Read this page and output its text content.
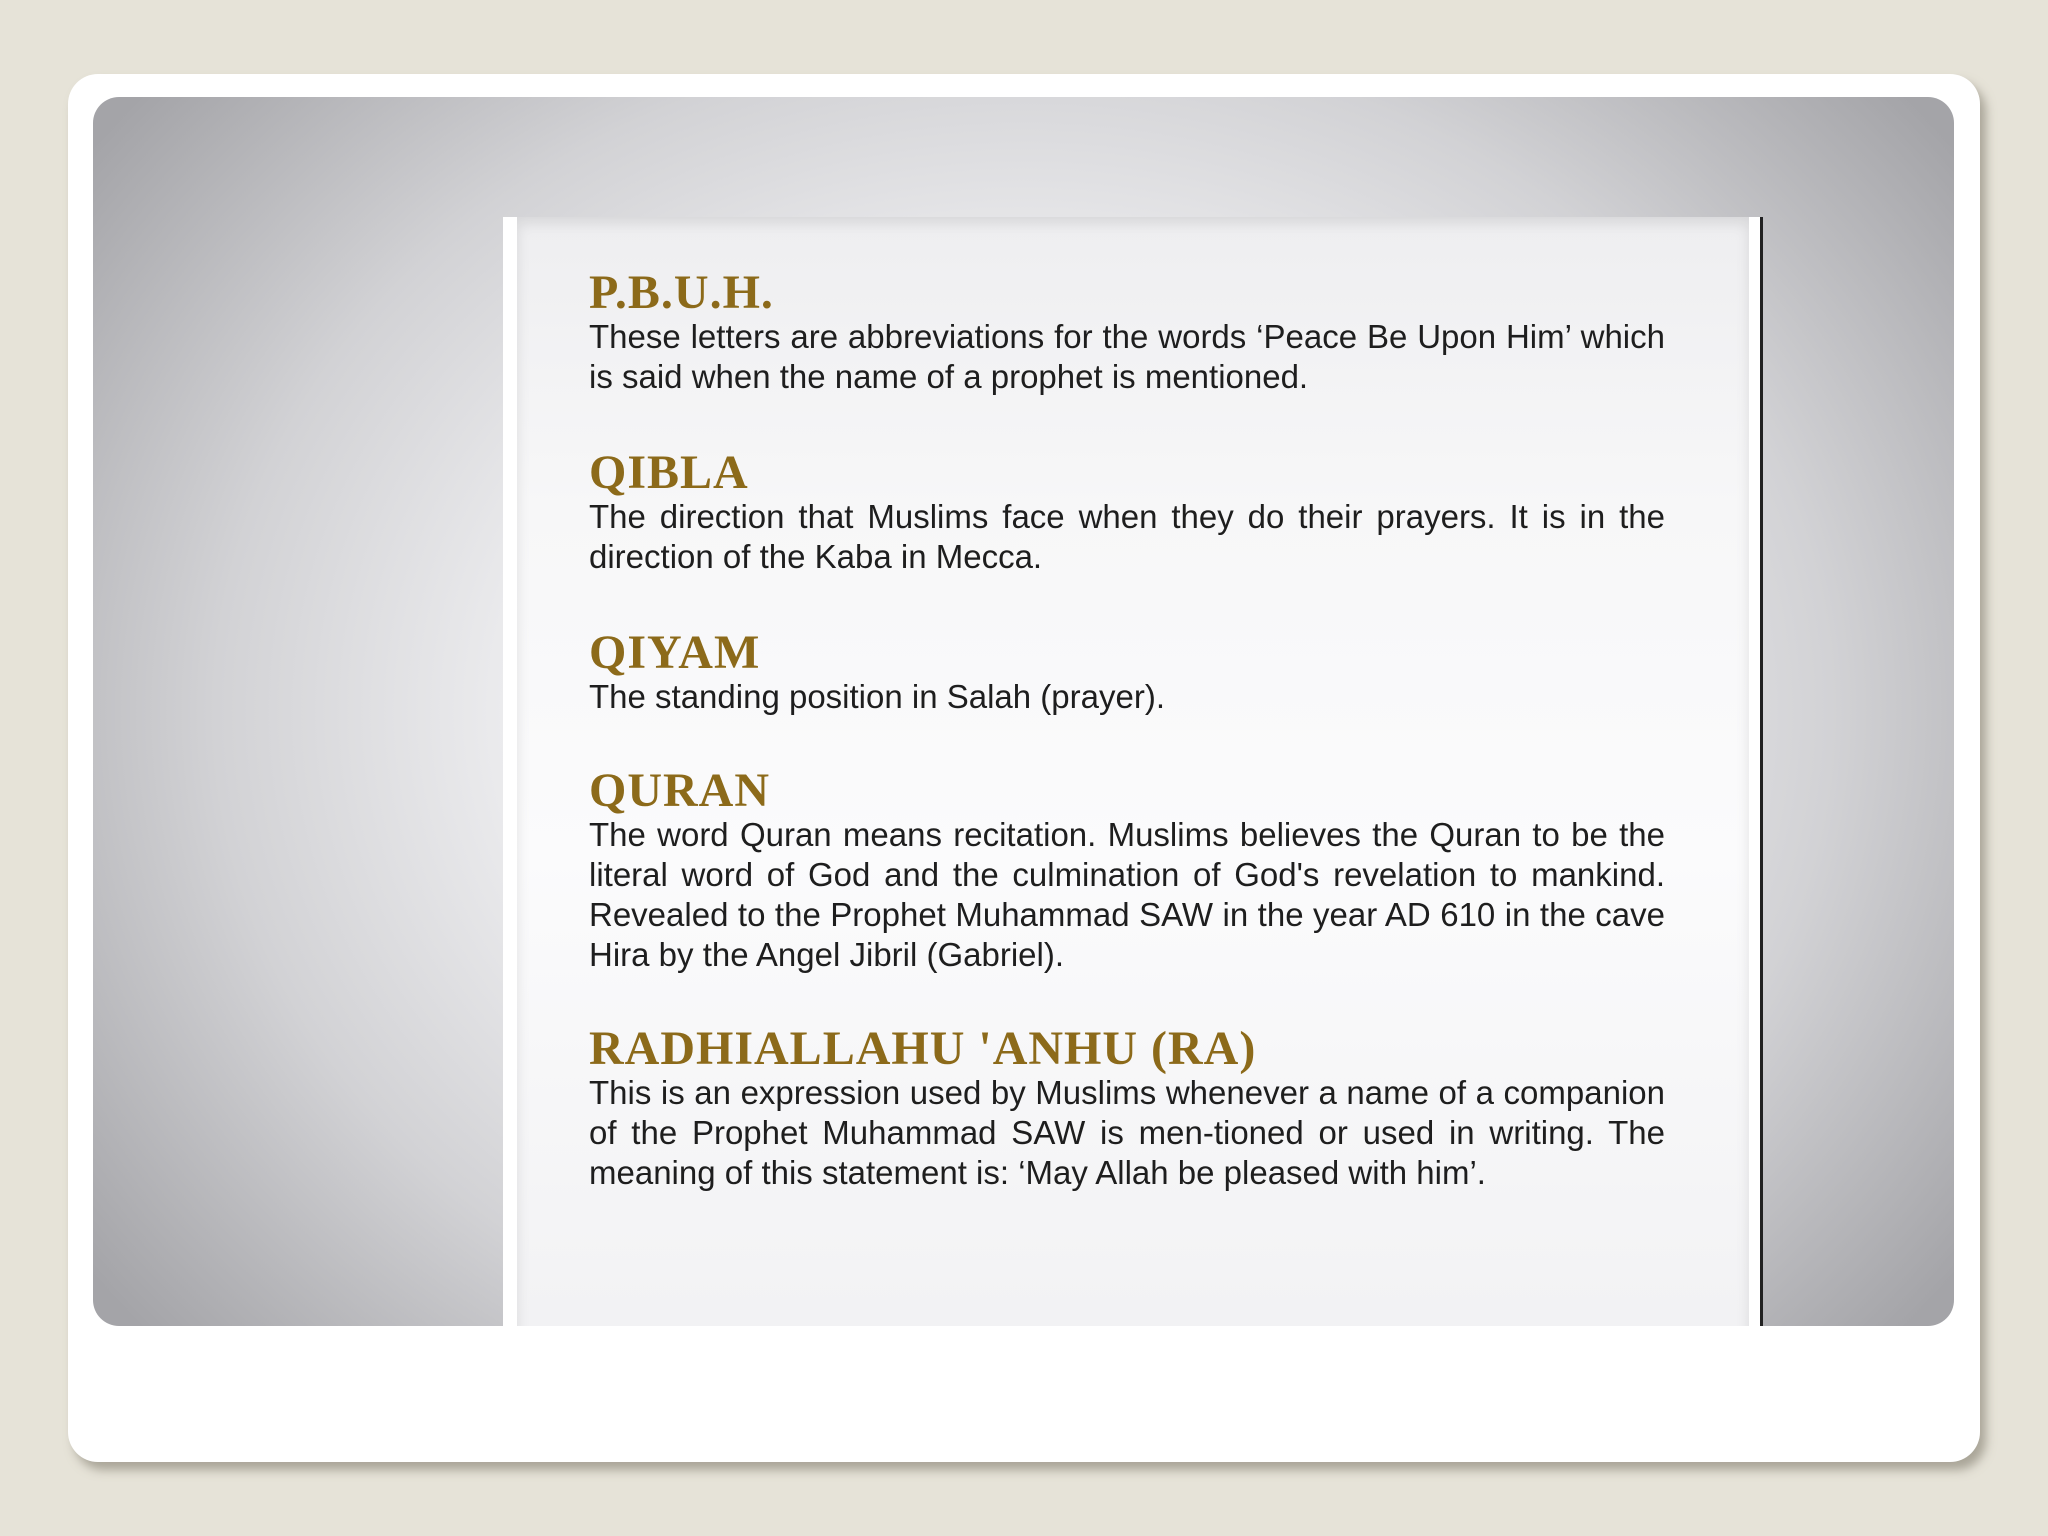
P.B.U.H.

These letters are abbreviations for the words ‘Peace Be Upon Him’ which is said when the name of a prophet is mentioned.

QIBLA

The direction that Muslims face when they do their prayers. It is in the direction of the Kaba in Mecca.

QIYAM

The standing position in Salah (prayer).

QURAN

The word Quran means recitation. Muslims believes the Quran to be the literal word of God and the culmination of God's revelation to mankind. Revealed to the Prophet Muhammad SAW in the year AD 610 in the cave Hira by the Angel Jibril (Gabriel).

RADHIALLAHU 'ANHU (RA)

This is an expression used by Muslims whenever a name of a companion of the Prophet Muhammad SAW is men-tioned or used in writing. The meaning of this statement is: ‘May Allah be pleased with him’.
